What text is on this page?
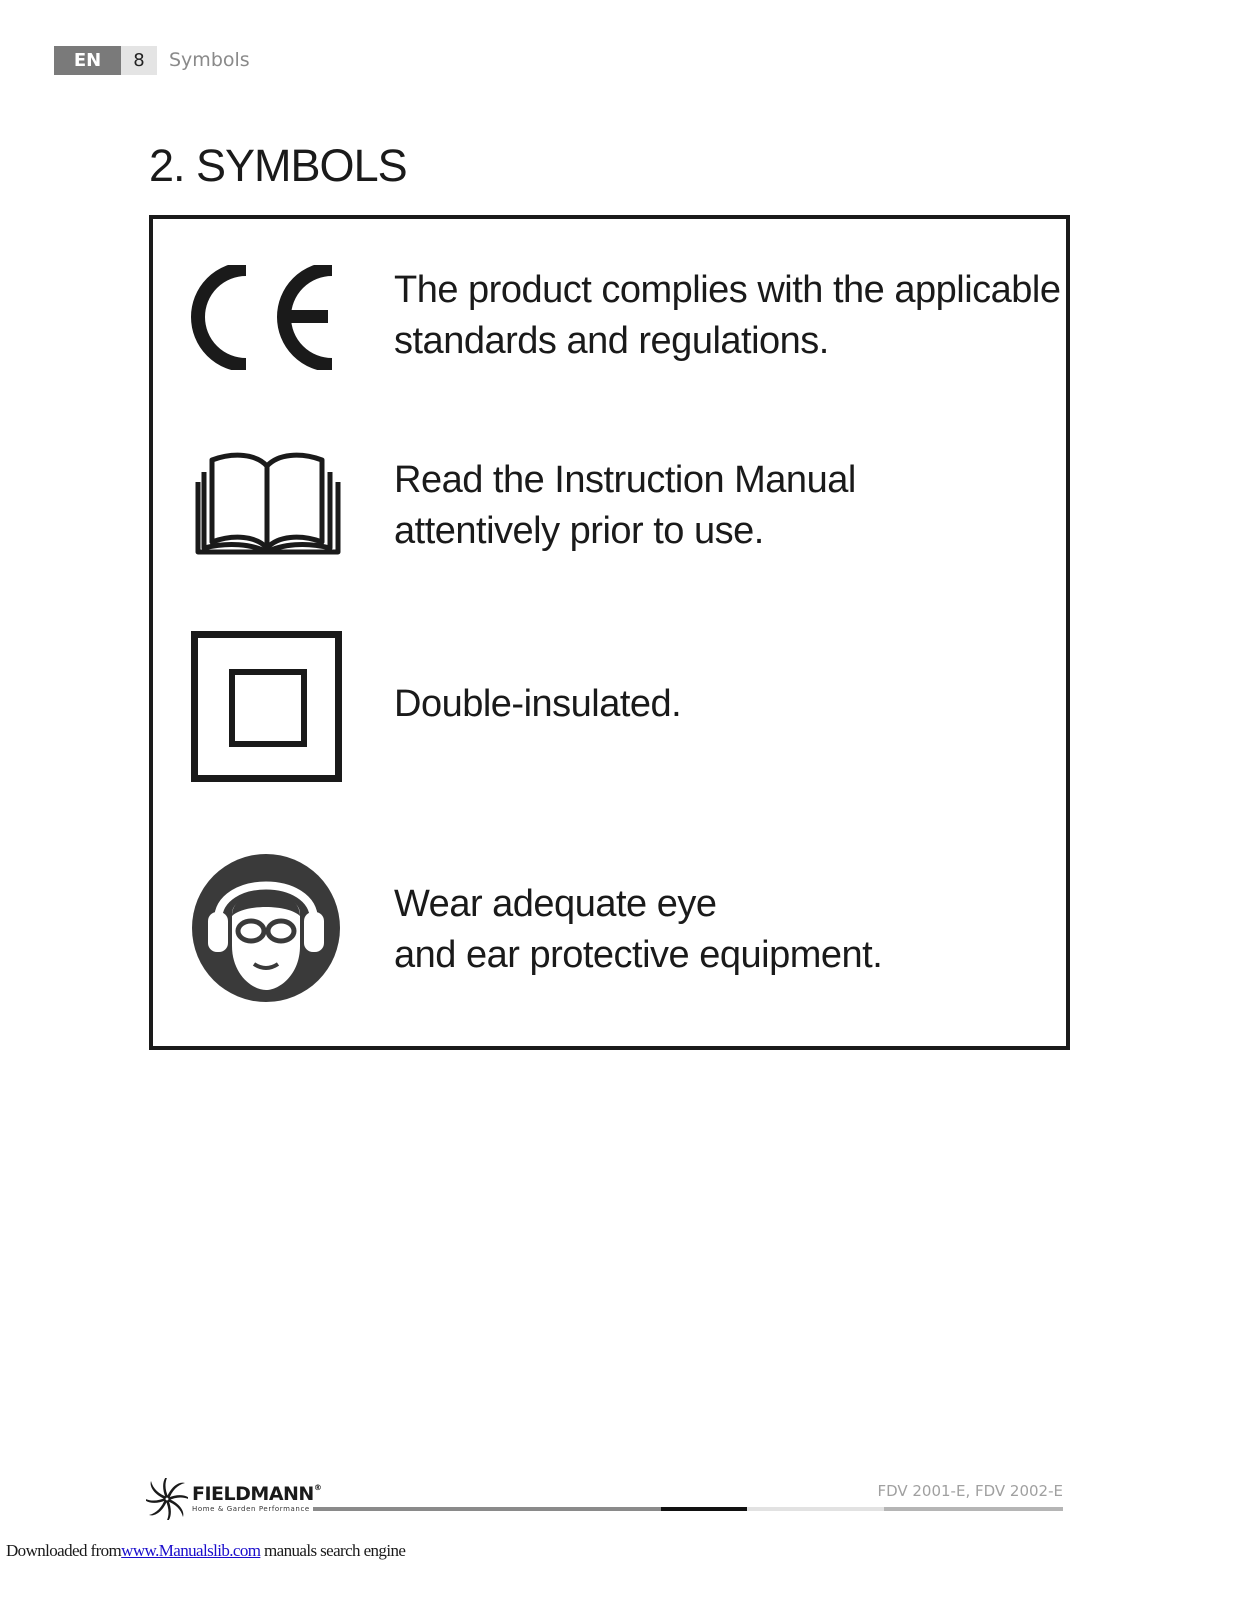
EN	8	Symbols
2. SYMBOLS
The product complies with the applicable
standards and regulations.
Read the Instruction Manual
attentively prior to use.
Double-insulated.
Wear adequate eye
and ear protective equipment.
FIELDMANN®
Home & Garden Performance
FDV 2001-E, FDV 2002-E
Downloaded fromwww.Manualslib.com manuals search engine
